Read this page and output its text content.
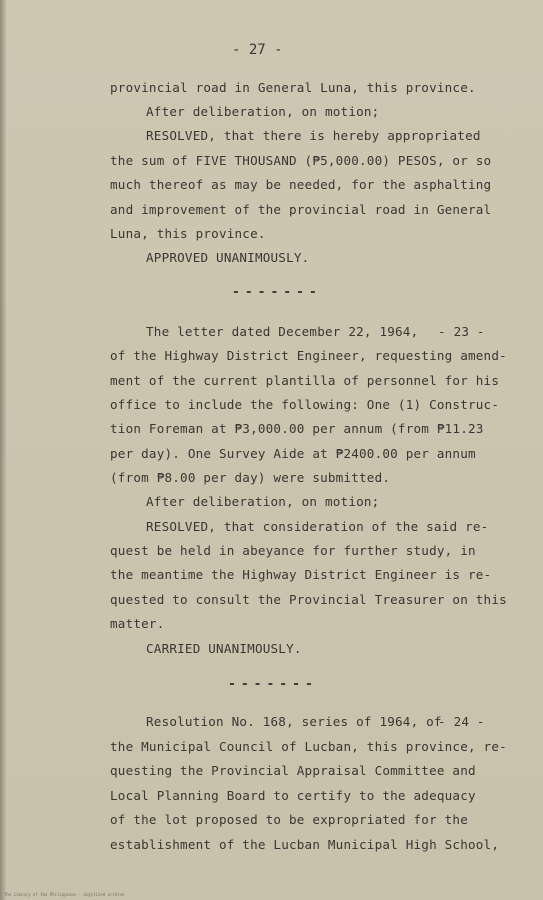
- 27 -
provincial road in General Luna, this province.
After deliberation, on motion;
RESOLVED, that there is hereby appropriated
the sum of FIVE THOUSAND (₱5,000.00) PESOS, or so
much thereof as may be needed, for the asphalting
and improvement of the provincial road in General
Luna, this province.
APPROVED UNANIMOUSLY.
-------
The letter dated December 22, 1964, - 23 -
of the Highway District Engineer, requesting amend-
ment of the current plantilla of personnel for his
office to include the following: One (1) Construc-
tion Foreman at ₱3,000.00 per annum (from ₱11.23
per day). One Survey Aide at ₱2400.00 per annum
(from ₱8.00 per day) were submitted.
After deliberation, on motion;
RESOLVED, that consideration of the said re-
quest be held in abeyance for further study, in
the meantime the Highway District Engineer is re-
quested to consult the Provincial Treasurer on this
matter.
CARRIED UNANIMOUSLY.
-------
Resolution No. 168, series of 1964, of
- 24 -
the Municipal Council of Lucban, this province, re-
questing the Provincial Appraisal Committee and
Local Planning Board to certify to the adequacy
of the lot proposed to be expropriated for the
establishment of the Lucban Municipal High School,
The Library of the Philippines · digitized archive
